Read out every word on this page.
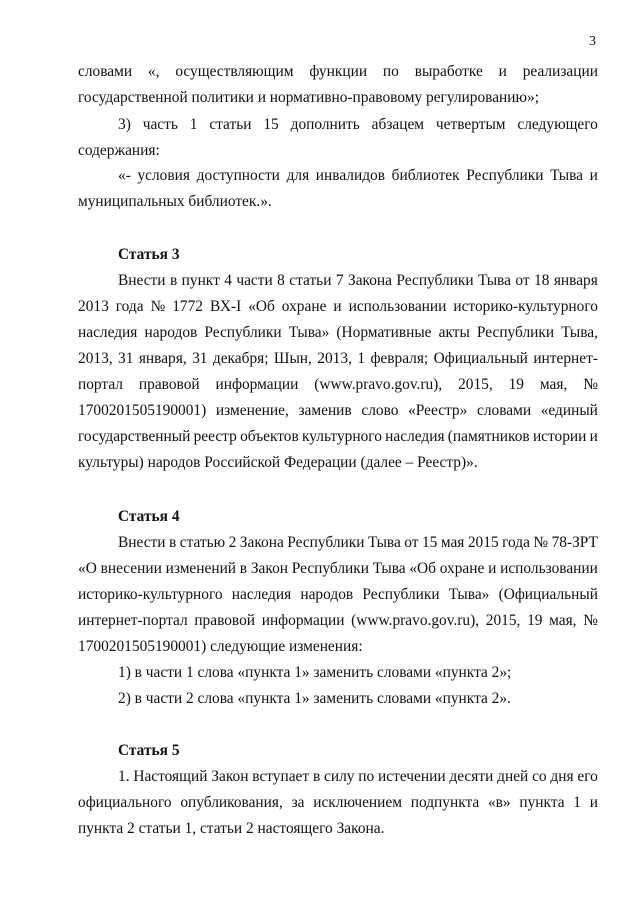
3
словами «, осуществляющим функции по выработке и реализации
государственной политики и нормативно-правовому регулированию»;
3) часть 1 статьи 15 дополнить абзацем четвертым следующего
содержания:
«- условия доступности для инвалидов библиотек Республики Тыва и
муниципальных библиотек.».
Статья 3
Внести в пункт 4 части 8 статьи 7 Закона Республики Тыва от 18 января
2013 года № 1772 ВХ-I «Об охране и использовании историко-культурного
наследия народов Республики Тыва» (Нормативные акты Республики Тыва,
2013, 31 января, 31 декабря; Шын, 2013, 1 февраля; Официальный интернет-
портал правовой информации (www.pravo.gov.ru), 2015, 19 мая, №
1700201505190001) изменение, заменив слово «Реестр» словами «единый
государственный реестр объектов культурного наследия (памятников истории и
культуры) народов Российской Федерации (далее – Реестр)».
Статья 4
Внести в статью 2 Закона Республики Тыва от 15 мая 2015 года № 78-ЗРТ
«О внесении изменений в Закон Республики Тыва «Об охране и использовании
историко-культурного наследия народов Республики Тыва» (Официальный
интернет-портал правовой информации (www.pravo.gov.ru), 2015, 19 мая, №
1700201505190001) следующие изменения:
1) в части 1 слова «пункта 1» заменить словами «пункта 2»;
2) в части 2 слова «пункта 1» заменить словами «пункта 2».
Статья 5
1. Настоящий Закон вступает в силу по истечении десяти дней со дня его
официального опубликования, за исключением подпункта «в» пункта 1 и
пункта 2 статьи 1, статьи 2 настоящего Закона.
